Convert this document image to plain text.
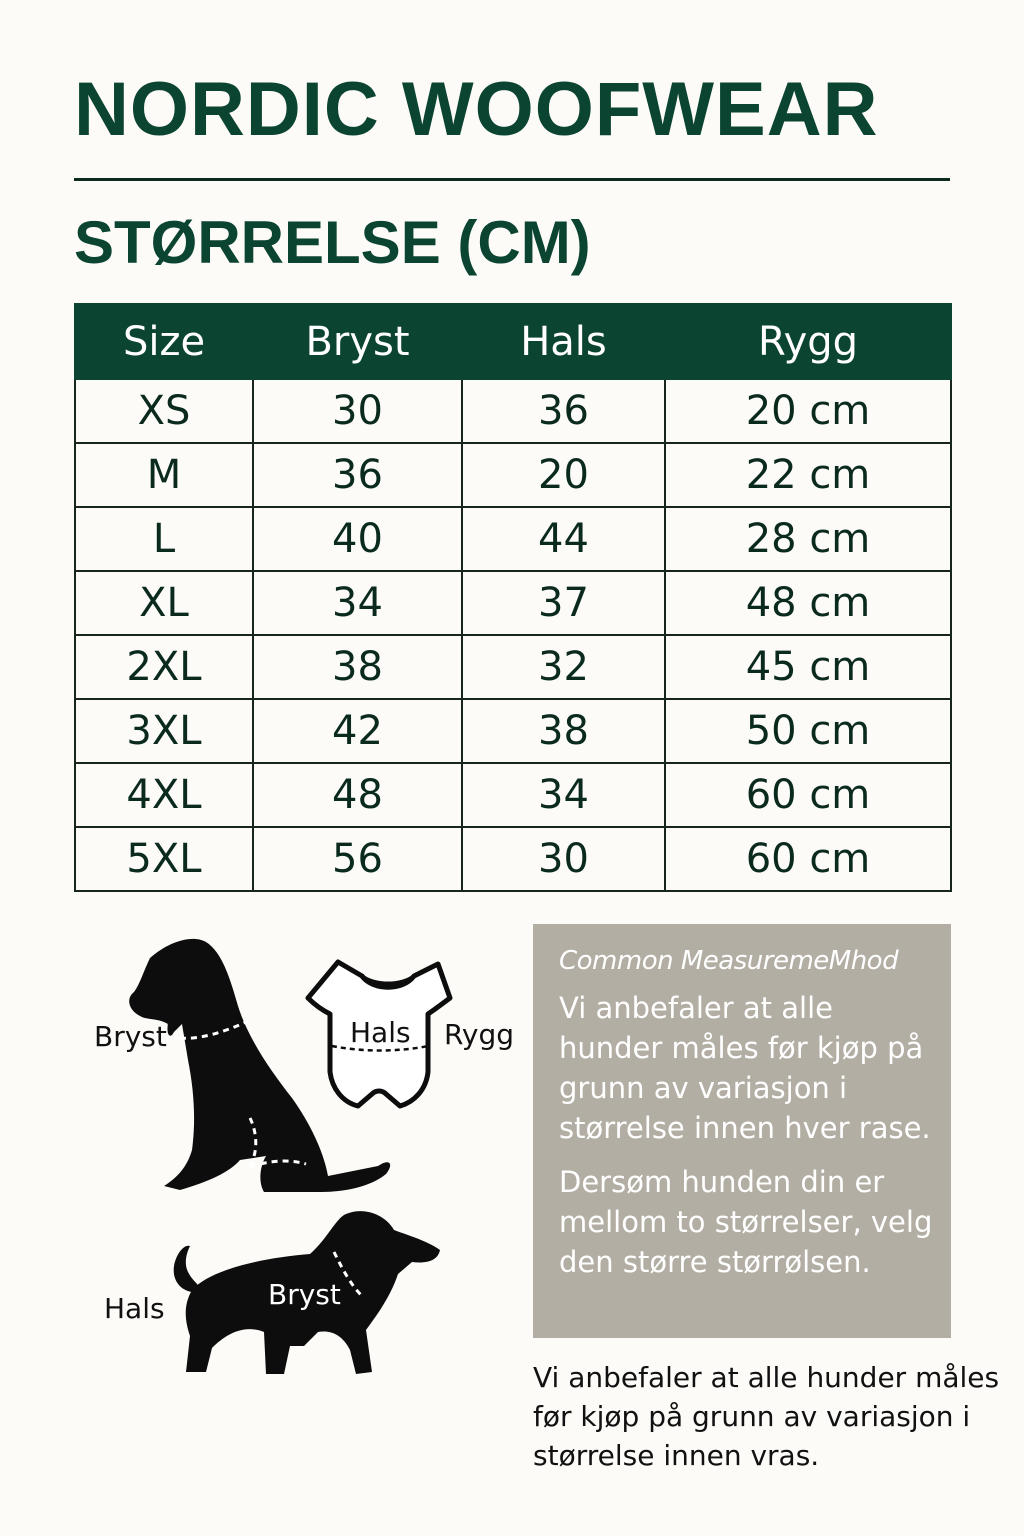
NORDIC WOOFWEAR
STØRRELSE (CM)
Size	Bryst	Hals	Rygg
XS	30	36	20 cm
M	36	20	22 cm
L	40	44	28 cm
XL	34	37	48 cm
2XL	38	32	45 cm
3XL	42	38	50 cm
4XL	48	34	60 cm
5XL	56	30	60 cm
Bryst	Hals Rygg
Hals	Bryst
Common MeasuremeMhod

Vi anbefaler at alle hunder måles før kjøp på grunn av variasjon i størrelse innen hver rase.

Dersøm hunden din er mellom to størrelser, velg den større størrølsen.

Vi anbefaler at alle hunder måles før kjøp på grunn av variasjon i størrelse innen vras.
